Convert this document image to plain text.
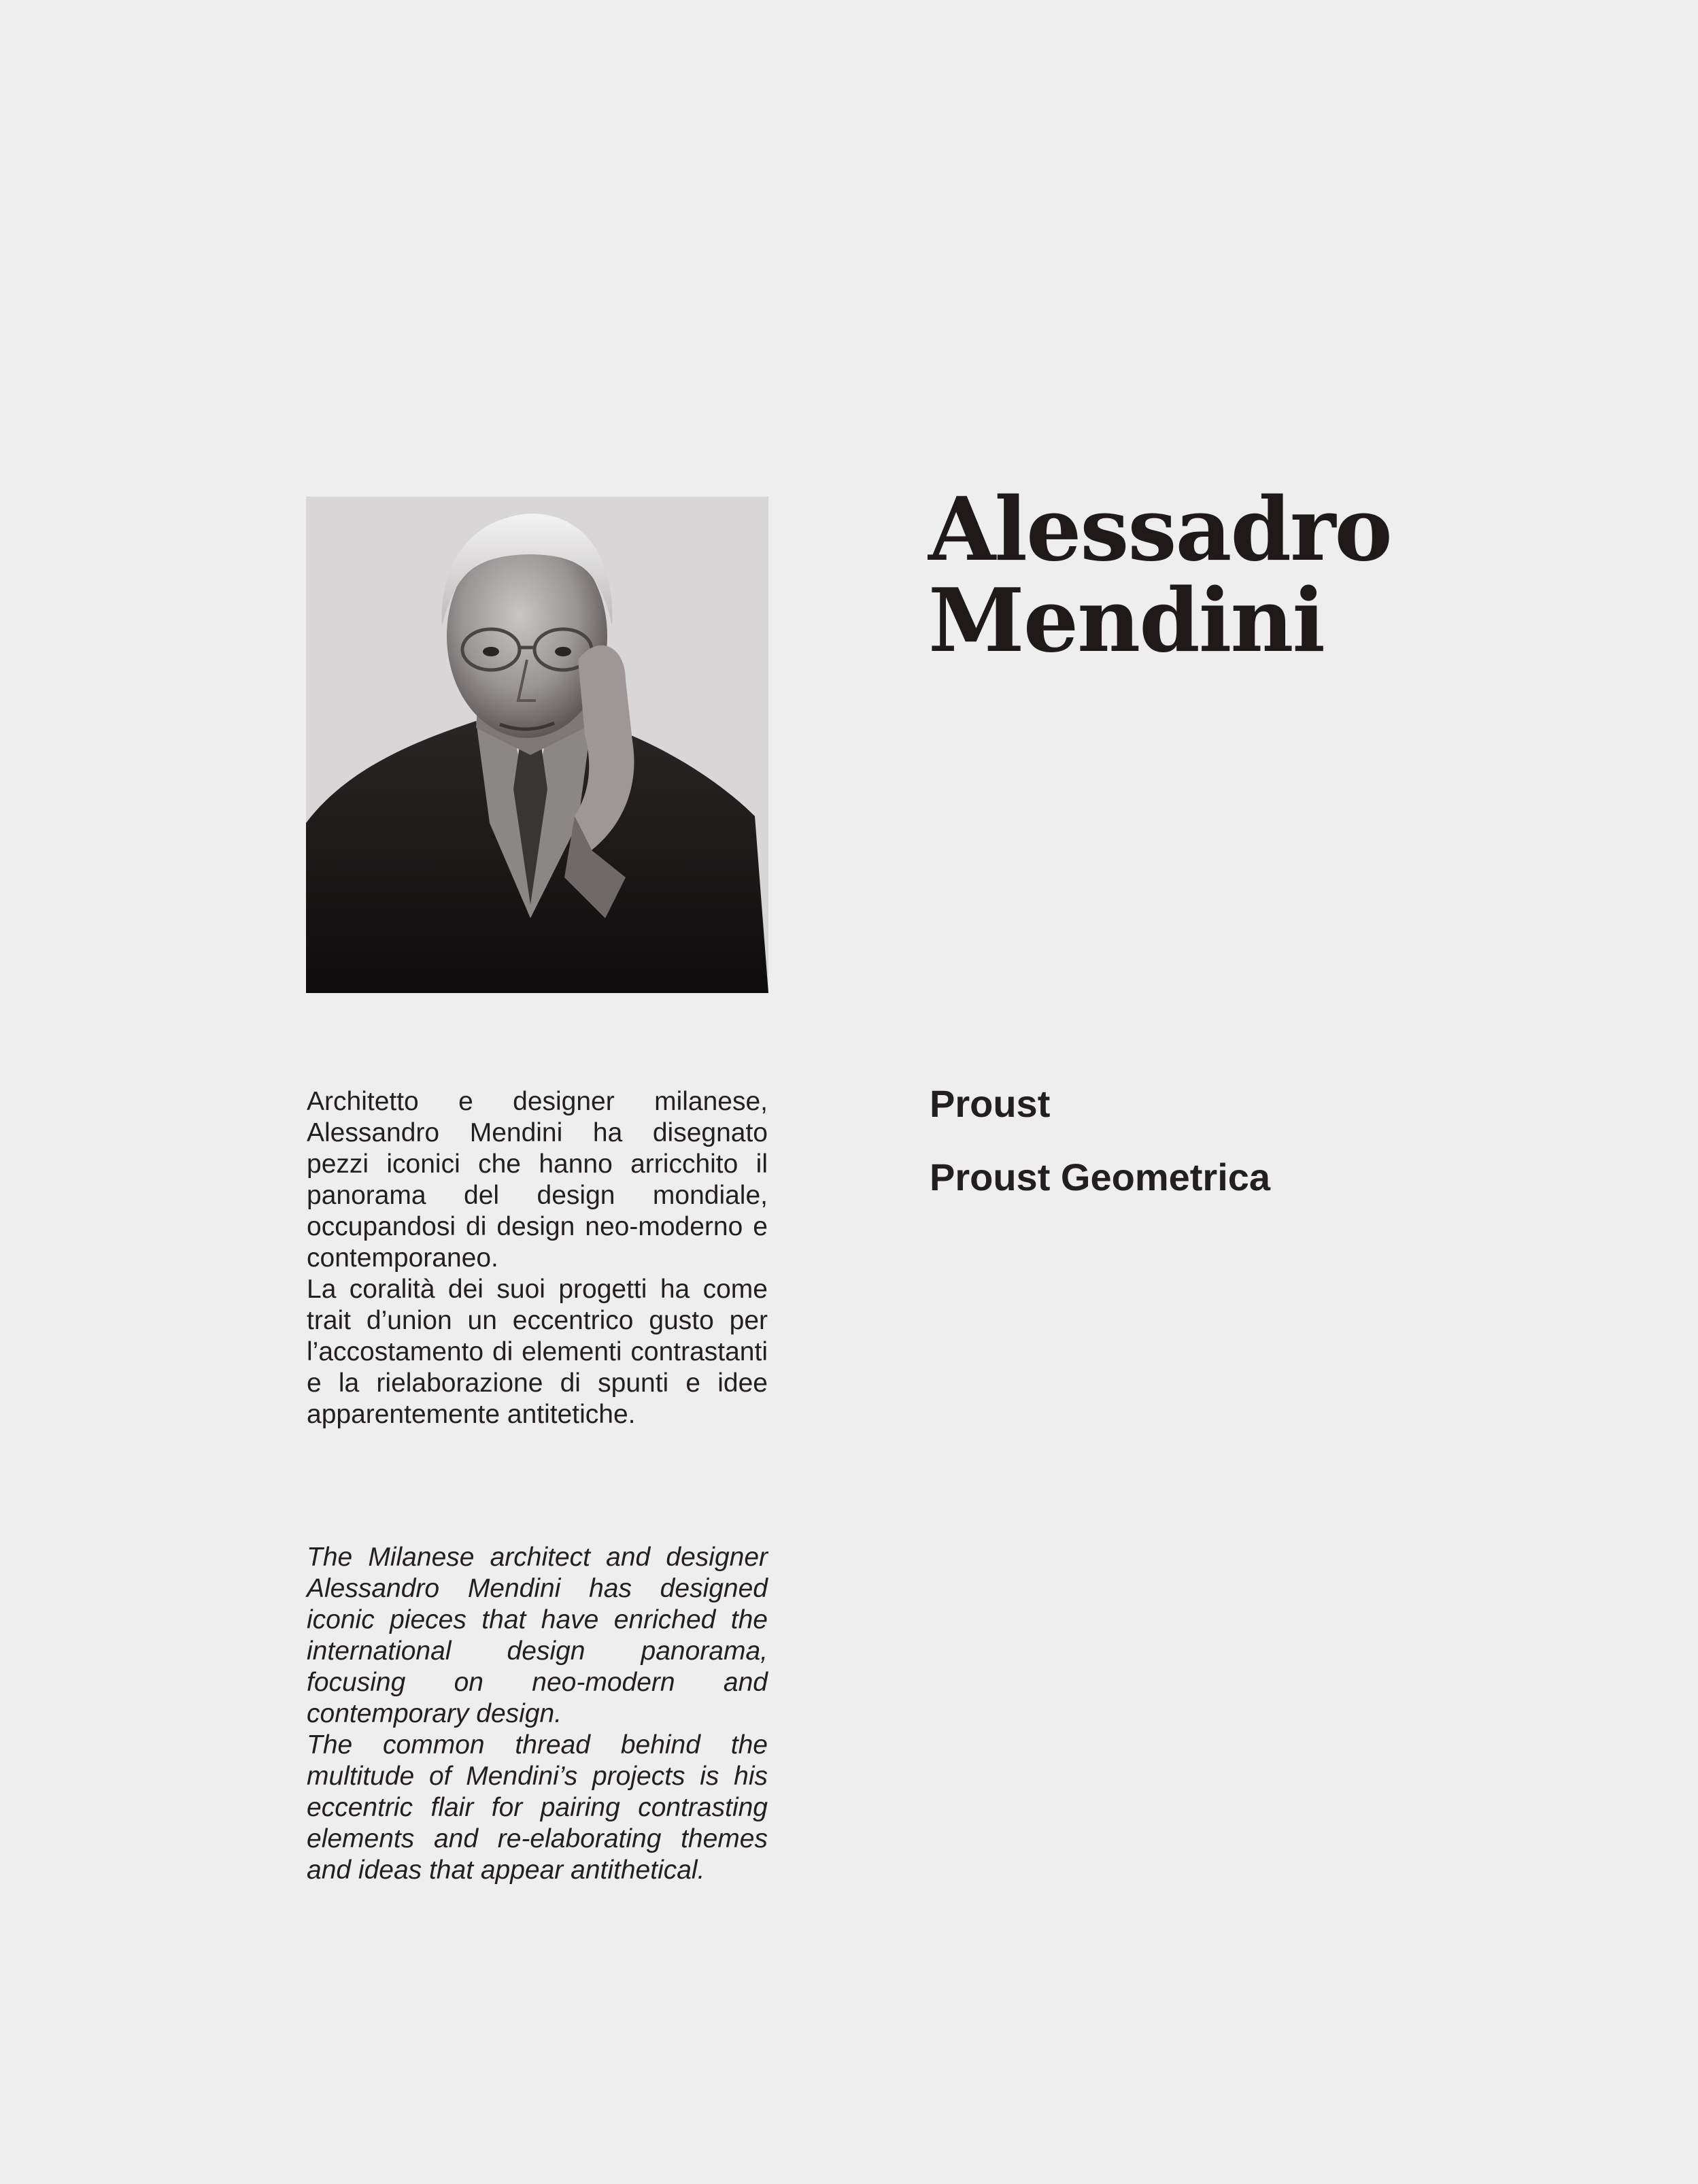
Alessadro
Mendini
Proust
Proust Geometrica

Architetto e designer milanese, Alessandro Mendini ha disegnato pezzi iconici che hanno arricchito il panorama del design mondiale, occupandosi di design neo-moderno e contemporaneo.

La coralità dei suoi progetti ha come trait d’union un eccentrico gusto per l’accostamento di elementi contrastanti e la rielaborazione di spunti e idee apparentemente antitetiche.

The Milanese architect and designer Alessandro Mendini has designed iconic pieces that have enriched the international design panorama, focusing on neo-modern and contemporary design.

The common thread behind the multitude of Mendini’s projects is his eccentric flair for pairing contrasting elements and re-elaborating themes and ideas that appear antithetical.
